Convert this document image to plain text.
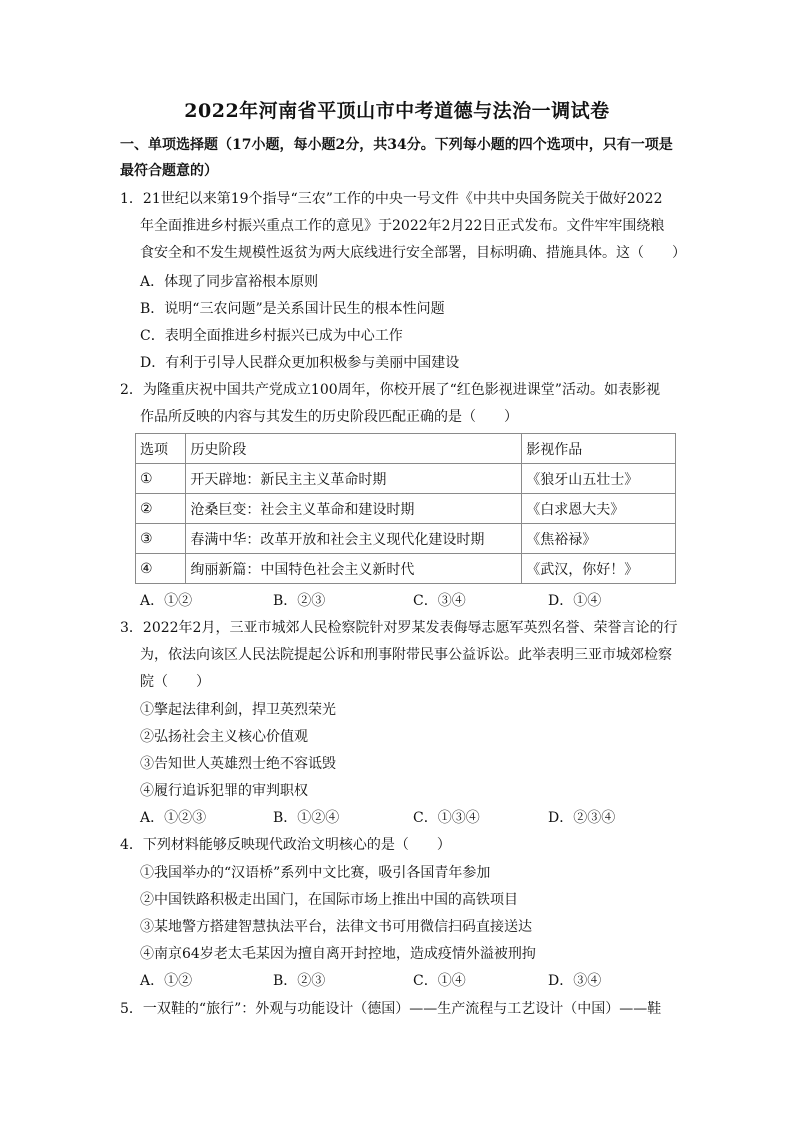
2022年河南省平顶山市中考道德与法治一调试卷
一、单项选择题（17小题，每小题2分，共34分。下列每小题的四个选项中，只有一项是
最符合题意的）
1．21世纪以来第19个指导“三农”工作的中央一号文件《中共中央国务院关于做好2022
年全面推进乡村振兴重点工作的意见》于2022年2月22日正式发布。文件牢牢围绕粮
食安全和不发生规模性返贫为两大底线进行安全部署，目标明确、措施具体。这（　　）
A．体现了同步富裕根本原则
B．说明“三农问题”是关系国计民生的根本性问题
C．表明全面推进乡村振兴已成为中心工作
D．有利于引导人民群众更加积极参与美丽中国建设
2．为隆重庆祝中国共产党成立100周年，你校开展了“红色影视进课堂”活动。如表影视
作品所反映的内容与其发生的历史阶段匹配正确的是（　　）
选项	历史阶段	影视作品
①	开天辟地：新民主主义革命时期	《狼牙山五壮士》
②	沧桑巨变：社会主义革命和建设时期	《白求恩大夫》
③	春满中华：改革开放和社会主义现代化建设时期	《焦裕禄》
④	绚丽新篇：中国特色社会主义新时代	《武汉，你好！》
A．①②	B．②③	C．③④	D．①④
3．2022年2月，三亚市城郊人民检察院针对罗某发表侮辱志愿军英烈名誉、荣誉言论的行
为，依法向该区人民法院提起公诉和刑事附带民事公益诉讼。此举表明三亚市城郊检察
院（　　）
①擎起法律利剑，捍卫英烈荣光
②弘扬社会主义核心价值观
③告知世人英雄烈士绝不容诋毁
④履行追诉犯罪的审判职权
A．①②③	B．①②④	C．①③④	D．②③④
4．下列材料能够反映现代政治文明核心的是（　　）
①我国举办的“汉语桥”系列中文比赛，吸引各国青年参加
②中国铁路积极走出国门，在国际市场上推出中国的高铁项目
③某地警方搭建智慧执法平台，法律文书可用微信扫码直接送达
④南京64岁老太毛某因为擅自离开封控地，造成疫情外溢被刑拘
A．①②	B．②③	C．①④	D．③④
5．一双鞋的“旅行”：外观与功能设计（德国）——生产流程与工艺设计（中国）——鞋
